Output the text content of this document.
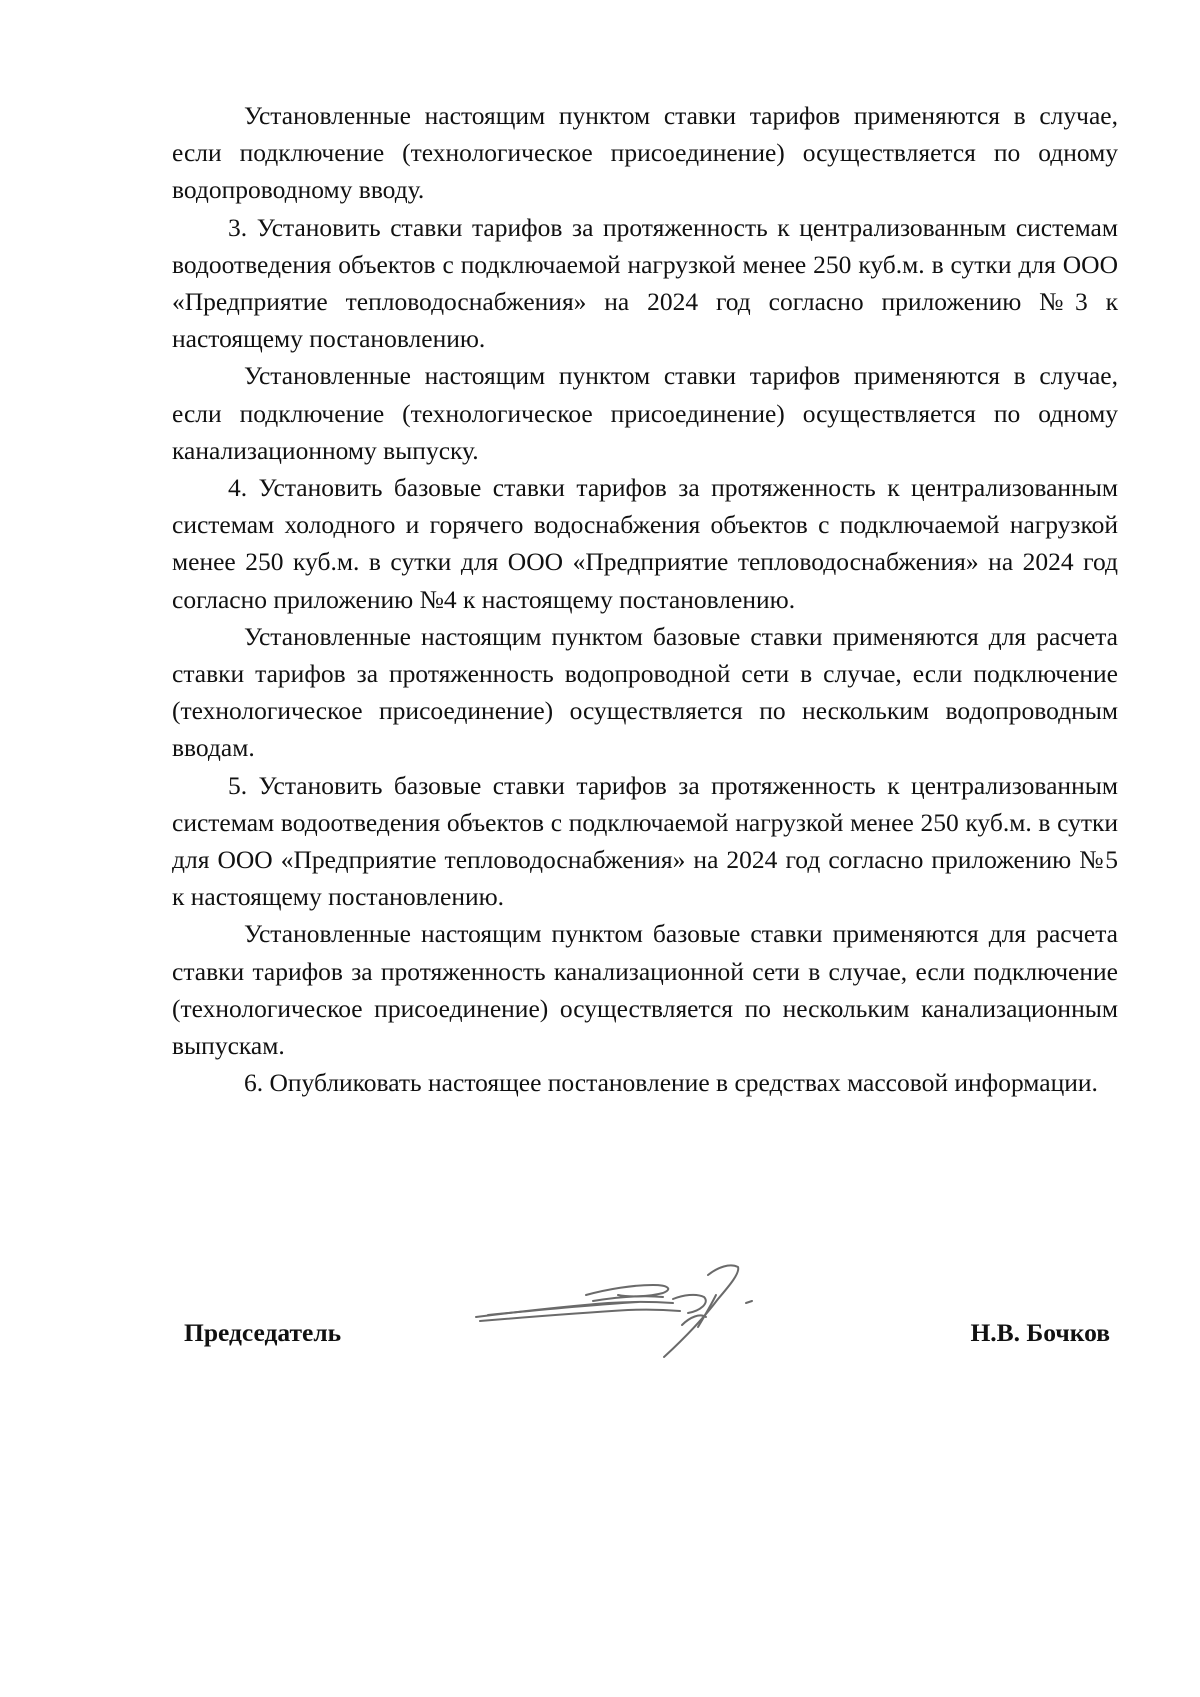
Установленные настоящим пунктом ставки тарифов применяются в случае, если подключение (технологическое присоединение) осуществляется по одному водопроводному вводу.

3. Установить ставки тарифов за протяженность к централизованным системам водоотведения объектов с подключаемой нагрузкой менее 250 куб.м. в сутки для ООО «Предприятие тепловодоснабжения» на 2024 год согласно приложению №3 к настоящему постановлению.

Установленные настоящим пунктом ставки тарифов применяются в случае, если подключение (технологическое присоединение) осуществляется по одному канализационному выпуску.

4. Установить базовые ставки тарифов за протяженность к централизованным системам холодного и горячего водоснабжения объектов с подключаемой нагрузкой менее 250 куб.м. в сутки для ООО «Предприятие тепловодоснабжения» на 2024 год согласно приложению №4 к настоящему постановлению.

Установленные настоящим пунктом базовые ставки применяются для расчета ставки тарифов за протяженность водопроводной сети в случае, если подключение (технологическое присоединение) осуществляется по нескольким водопроводным вводам.

5. Установить базовые ставки тарифов за протяженность к централизованным системам водоотведения объектов с подключаемой нагрузкой менее 250 куб.м. в сутки для ООО «Предприятие тепловодоснабжения» на 2024 год согласно приложению №5 к настоящему постановлению.

Установленные настоящим пунктом базовые ставки применяются для расчета ставки тарифов за протяженность канализационной сети в случае, если подключение (технологическое присоединение) осуществляется по нескольким канализационным выпускам.

6. Опубликовать настоящее постановление в средствах массовой информации.

Председатель	Н.В. Бочков
